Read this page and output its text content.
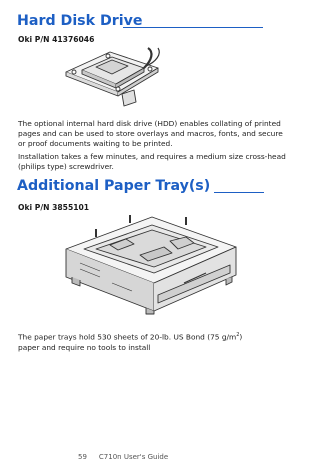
Hard Disk Drive

Oki P/N 41376046

The optional internal hard disk drive (HDD) enables collating of printed pages and can be used to store overlays and macros, fonts, and secure or proof documents waiting to be printed.

Installation takes a few minutes, and requires a medium size cross-head (philips type) screwdriver.

Additional Paper Tray(s)

Oki P/N 3855101

The paper trays hold 530 sheets of 20-lb. US Bond (75 $g/m^2$)
paper and require no tools to install

59 C710n User's Guide
